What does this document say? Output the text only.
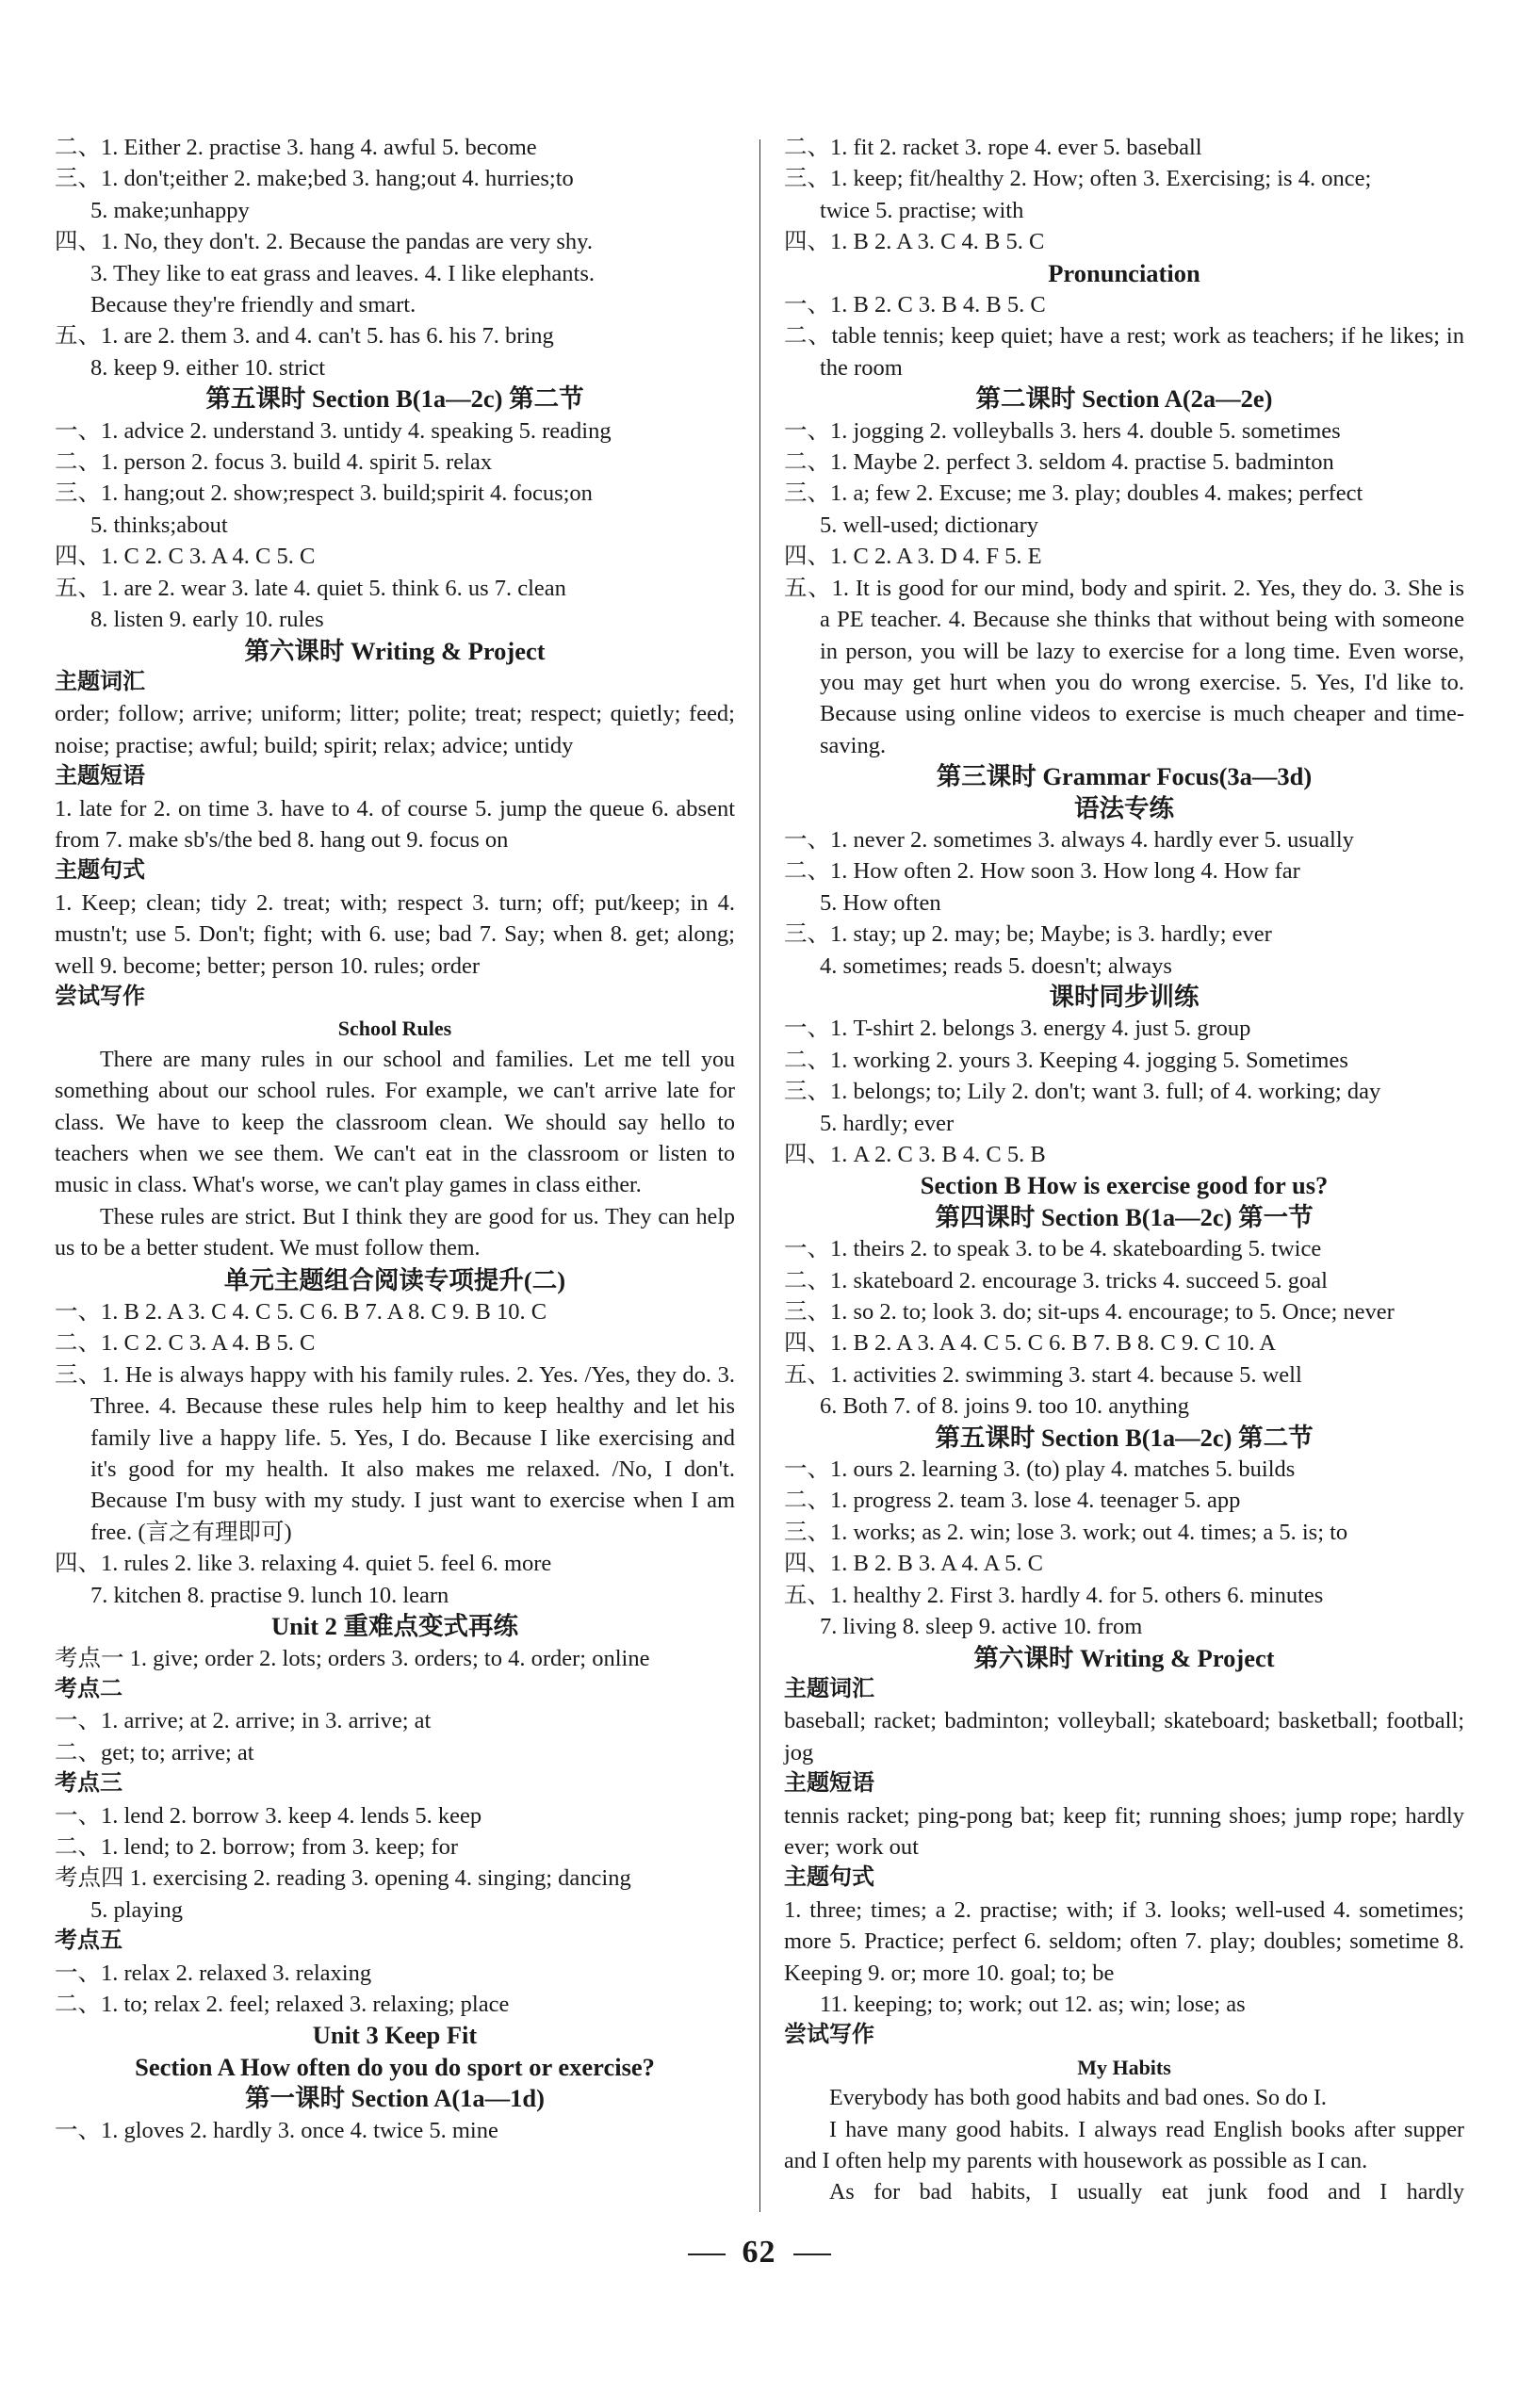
二、1. Either 2. practise 3. hang 4. awful 5. become
三、1. don't;either 2. make;bed 3. hang;out 4. hurries;to
5. make;unhappy
四、1. No, they don't. 2. Because the pandas are very shy.
3. They like to eat grass and leaves. 4. I like elephants.
Because they're friendly and smart.
五、1. are 2. them 3. and 4. can't 5. has 6. his 7. bring
8. keep 9. either 10. strict
第五课时 Section B(1a—2c) 第二节
一、1. advice 2. understand 3. untidy 4. speaking 5. reading
二、1. person 2. focus 3. build 4. spirit 5. relax
三、1. hang;out 2. show;respect 3. build;spirit 4. focus;on
5. thinks;about
四、1. C 2. C 3. A 4. C 5. C
五、1. are 2. wear 3. late 4. quiet 5. think 6. us 7. clean
8. listen 9. early 10. rules
第六课时 Writing & Project
主题词汇
order; follow; arrive; uniform; litter; polite; treat; respect; quietly; feed; noise; practise; awful; build; spirit; relax; advice; untidy
主题短语
1. late for 2. on time 3. have to 4. of course 5. jump the queue 6. absent from 7. make sb's/the bed 8. hang out 9. focus on
主题句式
1. Keep; clean; tidy 2. treat; with; respect 3. turn; off; put/keep; in 4. mustn't; use 5. Don't; fight; with 6. use; bad 7. Say; when 8. get; along; well 9. become; better; person 10. rules; order
尝试写作
School Rules
There are many rules in our school and families. Let me tell you something about our school rules. For example, we can't arrive late for class. We have to keep the classroom clean. We should say hello to teachers when we see them. We can't eat in the classroom or listen to music in class. What's worse, we can't play games in class either.
These rules are strict. But I think they are good for us. They can help us to be a better student. We must follow them.
单元主题组合阅读专项提升(二)
一、1. B 2. A 3. C 4. C 5. C 6. B 7. A 8. C 9. B 10. C
二、1. C 2. C 3. A 4. B 5. C
三、1. He is always happy with his family rules. 2. Yes. /Yes, they do. 3. Three. 4. Because these rules help him to keep healthy and let his family live a happy life. 5. Yes, I do. Because I like exercising and it's good for my health. It also makes me relaxed. /No, I don't. Because I'm busy with my study. I just want to exercise when I am free. (言之有理即可)
四、1. rules 2. like 3. relaxing 4. quiet 5. feel 6. more
7. kitchen 8. practise 9. lunch 10. learn
Unit 2 重难点变式再练
考点一 1. give; order 2. lots; orders 3. orders; to 4. order; online
考点二
一、1. arrive; at 2. arrive; in 3. arrive; at
二、get; to; arrive; at
考点三
一、1. lend 2. borrow 3. keep 4. lends 5. keep
二、1. lend; to 2. borrow; from 3. keep; for
考点四 1. exercising 2. reading 3. opening 4. singing; dancing
5. playing
考点五
一、1. relax 2. relaxed 3. relaxing
二、1. to; relax 2. feel; relaxed 3. relaxing; place
Unit 3 Keep Fit
Section A How often do you do sport or exercise?
第一课时 Section A(1a—1d)
一、1. gloves 2. hardly 3. once 4. twice 5. mine
二、1. fit 2. racket 3. rope 4. ever 5. baseball
三、1. keep; fit/healthy 2. How; often 3. Exercising; is 4. once;
twice 5. practise; with
四、1. B 2. A 3. C 4. B 5. C
Pronunciation
一、1. B 2. C 3. B 4. B 5. C
二、table tennis; keep quiet; have a rest; work as teachers; if he likes; in the room
第二课时 Section A(2a—2e)
一、1. jogging 2. volleyballs 3. hers 4. double 5. sometimes
二、1. Maybe 2. perfect 3. seldom 4. practise 5. badminton
三、1. a; few 2. Excuse; me 3. play; doubles 4. makes; perfect
5. well-used; dictionary
四、1. C 2. A 3. D 4. F 5. E
五、1. It is good for our mind, body and spirit. 2. Yes, they do. 3. She is a PE teacher. 4. Because she thinks that without being with someone in person, you will be lazy to exercise for a long time. Even worse, you may get hurt when you do wrong exercise. 5. Yes, I'd like to. Because using online videos to exercise is much cheaper and time-saving.
第三课时 Grammar Focus(3a—3d)
语法专练
一、1. never 2. sometimes 3. always 4. hardly ever 5. usually
二、1. How often 2. How soon 3. How long 4. How far
5. How often
三、1. stay; up 2. may; be; Maybe; is 3. hardly; ever
4. sometimes; reads 5. doesn't; always
课时同步训练
一、1. T-shirt 2. belongs 3. energy 4. just 5. group
二、1. working 2. yours 3. Keeping 4. jogging 5. Sometimes
三、1. belongs; to; Lily 2. don't; want 3. full; of 4. working; day
5. hardly; ever
四、1. A 2. C 3. B 4. C 5. B
Section B How is exercise good for us?
第四课时 Section B(1a—2c) 第一节
一、1. theirs 2. to speak 3. to be 4. skateboarding 5. twice
二、1. skateboard 2. encourage 3. tricks 4. succeed 5. goal
三、1. so 2. to; look 3. do; sit-ups 4. encourage; to 5. Once; never
四、1. B 2. A 3. A 4. C 5. C 6. B 7. B 8. C 9. C 10. A
五、1. activities 2. swimming 3. start 4. because 5. well
6. Both 7. of 8. joins 9. too 10. anything
第五课时 Section B(1a—2c) 第二节
一、1. ours 2. learning 3. (to) play 4. matches 5. builds
二、1. progress 2. team 3. lose 4. teenager 5. app
三、1. works; as 2. win; lose 3. work; out 4. times; a 5. is; to
四、1. B 2. B 3. A 4. A 5. C
五、1. healthy 2. First 3. hardly 4. for 5. others 6. minutes
7. living 8. sleep 9. active 10. from
第六课时 Writing & Project
主题词汇
baseball; racket; badminton; volleyball; skateboard; basketball; football; jog
主题短语
tennis racket; ping-pong bat; keep fit; running shoes; jump rope; hardly ever; work out
主题句式
1. three; times; a 2. practise; with; if 3. looks; well-used 4. sometimes; more 5. Practice; perfect 6. seldom; often 7. play; doubles; sometime 8. Keeping 9. or; more 10. goal; to; be
11. keeping; to; work; out 12. as; win; lose; as
尝试写作
My Habits
Everybody has both good habits and bad ones. So do I.
I have many good habits. I always read English books after supper and I often help my parents with housework as possible as I can.
As for bad habits, I usually eat junk food and I hardly
62
